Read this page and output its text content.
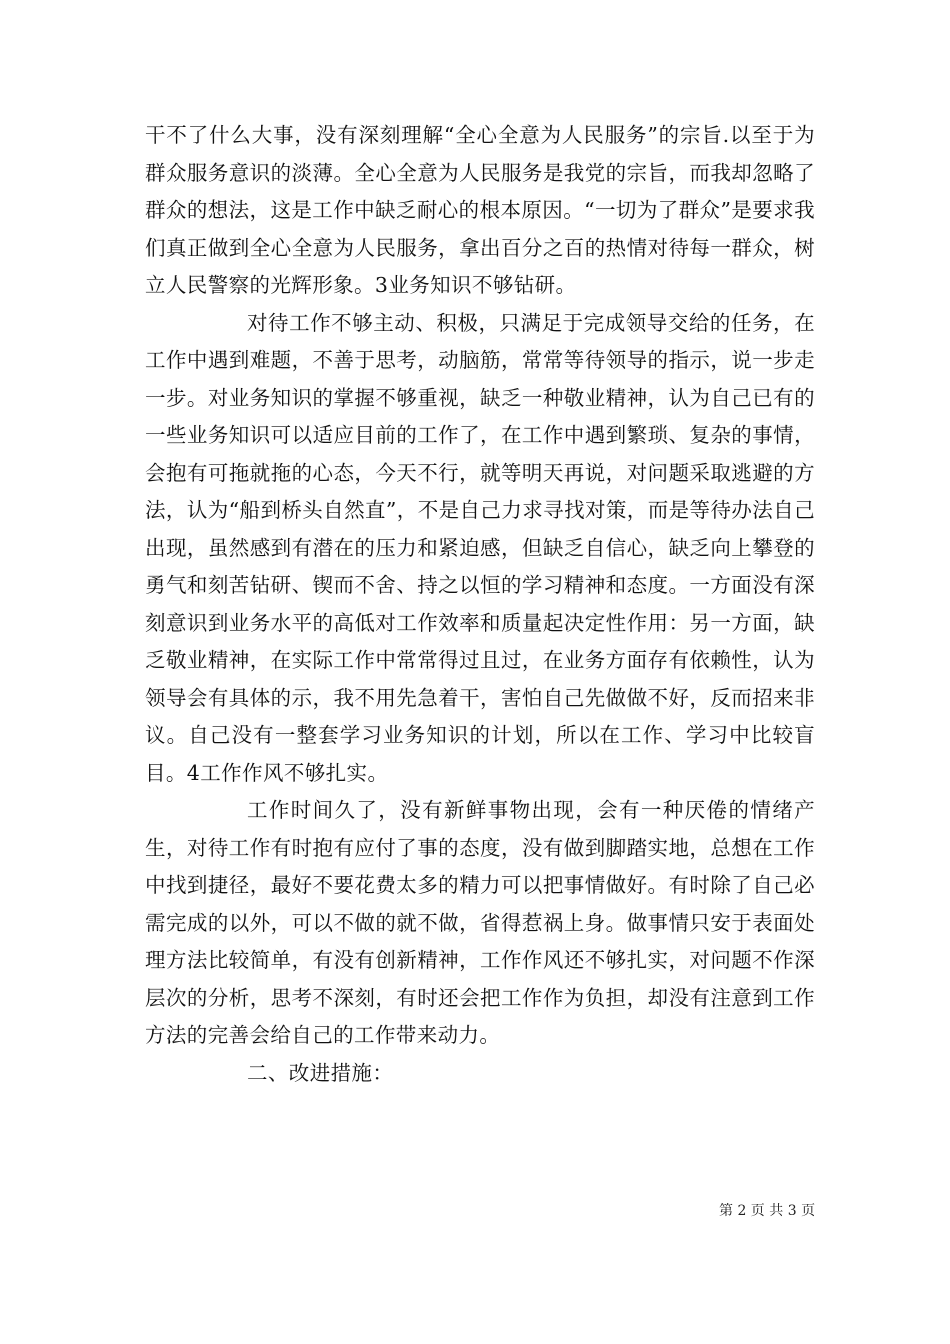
干不了什么大事，没有深刻理解“全心全意为人民服务”的宗旨.以至于为群众服务意识的淡薄。全心全意为人民服务是我党的宗旨，而我却忽略了群众的想法，这是工作中缺乏耐心的根本原因。“一切为了群众”是要求我们真正做到全心全意为人民服务，拿出百分之百的热情对待每一群众，树立人民警察的光辉形象。3业务知识不够钻研。

对待工作不够主动、积极，只满足于完成领导交给的任务，在工作中遇到难题，不善于思考，动脑筋，常常等待领导的指示，说一步走一步。对业务知识的掌握不够重视，缺乏一种敬业精神，认为自己已有的一些业务知识可以适应目前的工作了，在工作中遇到繁琐、复杂的事情，会抱有可拖就拖的心态，今天不行，就等明天再说，对问题采取逃避的方法，认为“船到桥头自然直”，不是自己力求寻找对策，而是等待办法自己出现，虽然感到有潜在的压力和紧迫感，但缺乏自信心，缺乏向上攀登的勇气和刻苦钻研、锲而不舍、持之以恒的学习精神和态度。一方面没有深刻意识到业务水平的高低对工作效率和质量起决定性作用：另一方面，缺乏敬业精神，在实际工作中常常得过且过，在业务方面存有依赖性，认为领导会有具体的示，我不用先急着干，害怕自己先做做不好，反而招来非议。自己没有一整套学习业务知识的计划，所以在工作、学习中比较盲目。4工作作风不够扎实。

工作时间久了，没有新鲜事物出现，会有一种厌倦的情绪产生，对待工作有时抱有应付了事的态度，没有做到脚踏实地，总想在工作中找到捷径，最好不要花费太多的精力可以把事情做好。有时除了自己必需完成的以外，可以不做的就不做，省得惹祸上身。做事情只安于表面处理方法比较简单，有没有创新精神，工作作风还不够扎实，对问题不作深层次的分析，思考不深刻，有时还会把工作作为负担，却没有注意到工作方法的完善会给自己的工作带来动力。

二、改进措施：

第 2 页 共 3 页
